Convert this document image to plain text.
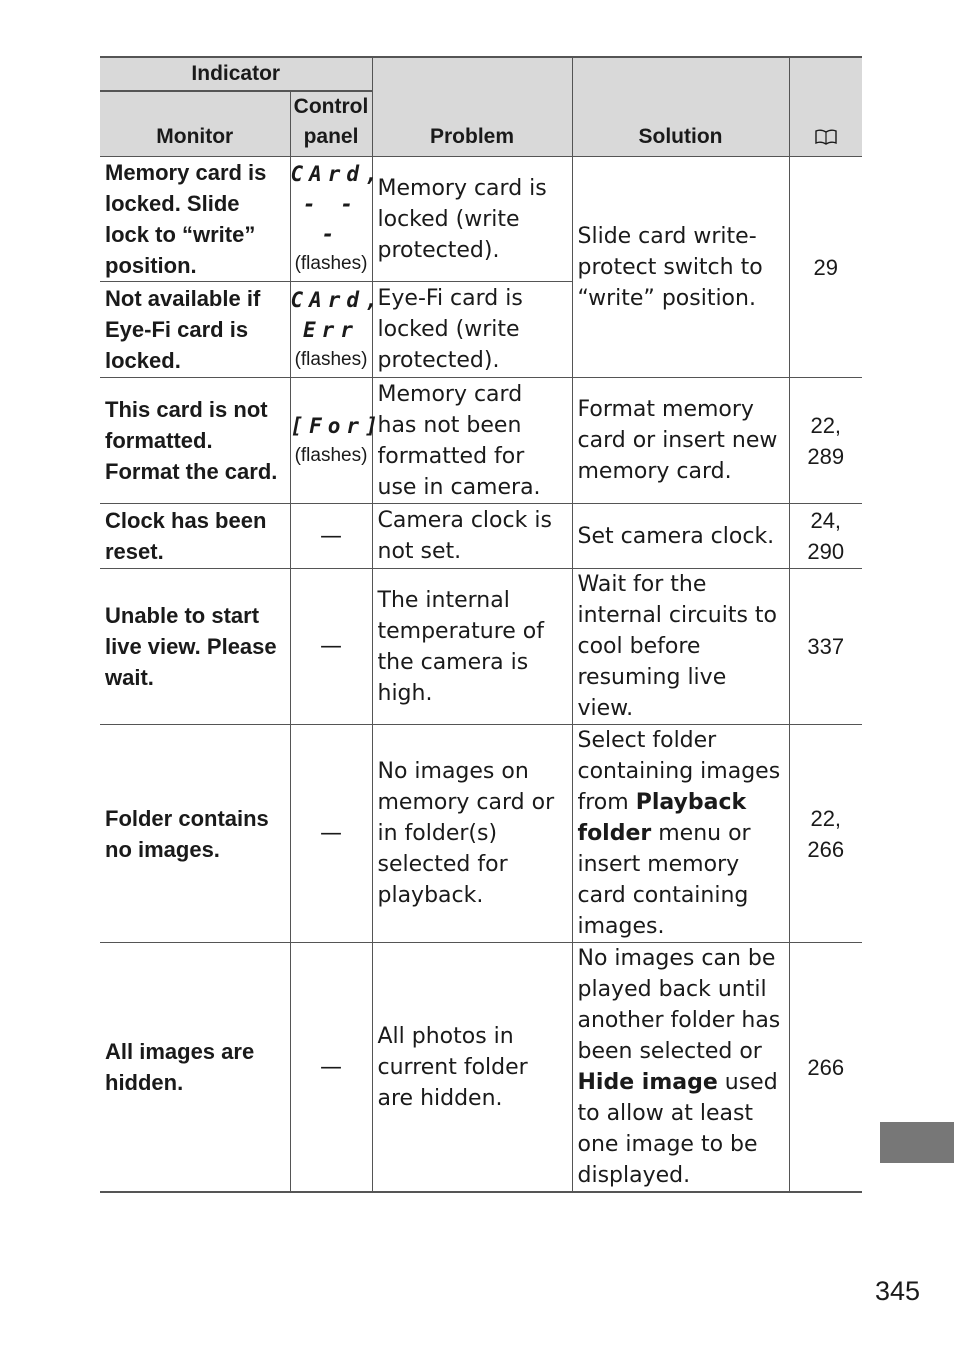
Indicator		Problem	Solution	
Monitor	Control panel			
Memory card is locked. Slide lock to “write” position.	CArd,
- - -
(flashes)	Memory card is locked (write protected).	Slide card write-protect switch to “write” position.	29
Not available if Eye-Fi card is locked.	CArd,
Err
(flashes)	Eye-Fi card is locked (write protected).		
This card is not formatted.
Format the card.	[For]
(flashes)	Memory card has not been formatted for use in camera.	Format memory card or insert new memory card.	22, 289
Clock has been reset.	—	Camera clock is not set.	Set camera clock.	24, 290
Unable to start live view. Please wait.	—	The internal temperature of the camera is high.	Wait for the internal circuits to cool before resuming live view.	337
Folder contains no images.	—	No images on memory card or in folder(s) selected for playback.	Select folder containing images from Playback folder menu or insert memory card containing images.	22, 266
All images are hidden.	—	All photos in current folder are hidden.	No images can be played back until another folder has been selected or Hide image used to allow at least one image to be displayed.	266
345
